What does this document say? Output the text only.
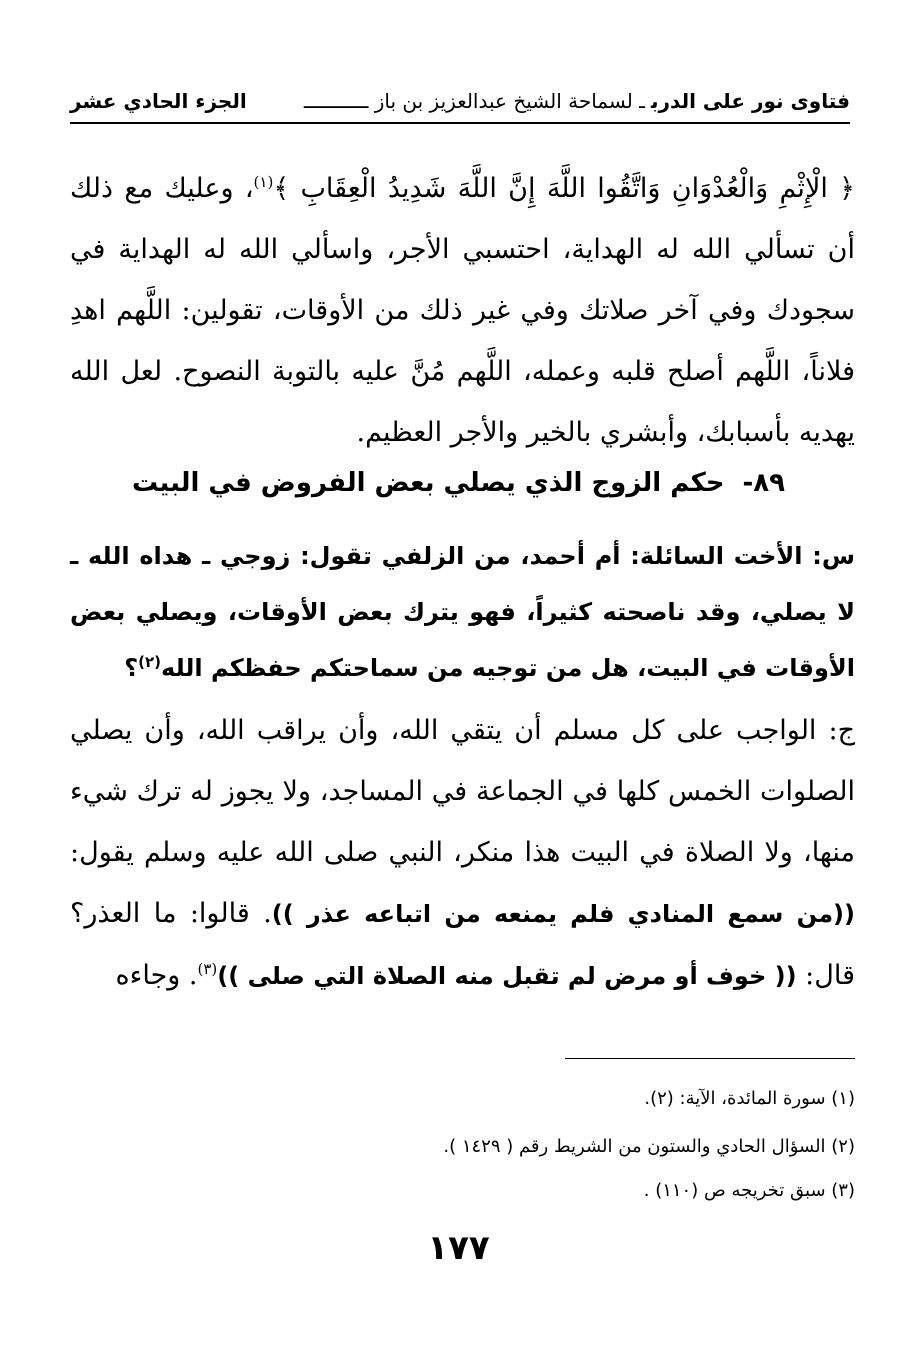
فتاوى نور على الدربـ لسماحة الشيخ عبدالعزيز بن باز ـــــــــــ
الجزء الحادي عشر
﴿ الْإِثْمِ وَالْعُدْوَانِ وَاتَّقُوا اللَّهَ إِنَّ اللَّهَ شَدِيدُ الْعِقَابِ ﴾$^{(١)}$، وعليك مع ذلك أن تسألي الله له الهداية، احتسبي الأجر، واسألي الله له الهداية في سجودك وفي آخر صلاتك وفي غير ذلك من الأوقات، تقولين: اللَّهم اهدِ فلاناً، اللَّهم أصلح قلبه وعمله، اللَّهم مُنَّ عليه بالتوبة النصوح. لعل الله يهديه بأسبابك، وأبشري بالخير والأجر العظيم.
٨٩-حكم الزوج الذي يصلي بعض الفروض في البيت
س: الأخت السائلة: أم أحمد، من الزلفي تقول: زوجي ـ هداه الله ـ لا يصلي، وقد ناصحته كثيراً، فهو يترك بعض الأوقات، ويصلي بعض الأوقات في البيت، هل من توجيه من سماحتكم حفظكم الله$^{(٢)}$؟
ج: الواجب على كل مسلم أن يتقي الله، وأن يراقب الله، وأن يصلي الصلوات الخمس كلها في الجماعة في المساجد، ولا يجوز له ترك شيء منها، ولا الصلاة في البيت هذا منكر، النبي صلى الله عليه وسلم يقول: ((من سمع المنادي فلم يمنعه من اتباعه عذر )). قالوا: ما العذر؟ قال: (( خوف أو مرض لم تقبل منه الصلاة التي صلى ))$^{(٣)}$. وجاءه
(١) سورة المائدة، الآية: (٢).
(٢) السؤال الحادي والستون من الشريط رقم ( ١٤٢٩ ).
(٣) سبق تخريجه ص (١١٠) .
١٧٧
